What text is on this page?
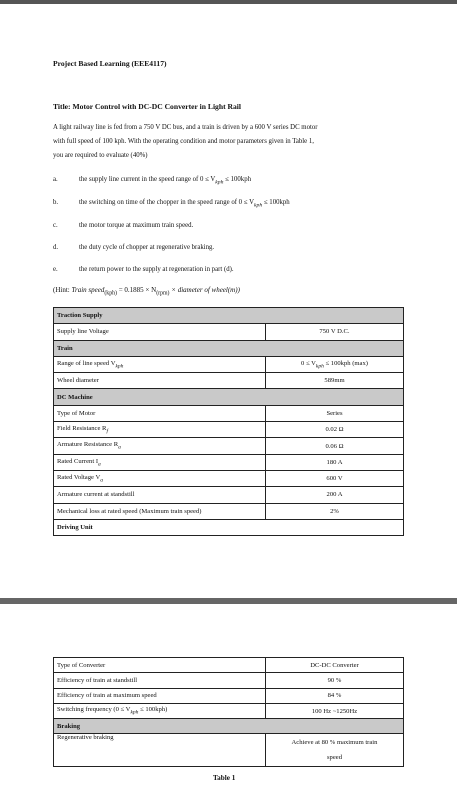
Project Based Learning (EEE4117)
Title: Motor Control with DC-DC Converter in Light Rail
A light railway line is fed from a 750 V DC bus, and a train is driven by a 600 V series DC motor
with full speed of 100 kph. With the operating condition and motor parameters given in Table 1,
you are required to evaluate (40%)
a.	the supply line current in the speed range of $0 \le V_{kph} \le 100kph$
b.	the switching on time of the chopper in the speed range of $0 \le V_{kph} \le 100kph$
c.	the motor torque at maximum train speed.
d.	the duty cycle of chopper at regenerative braking.
e.	the return power to the supply at regeneration in part (d).
(Hint: Train speed$_{(kph)}$ = $0.1885 \times N_{(rpm)}$ × diameter of wheel(m))
Traction Supply	
Supply line Voltage	750 V D.C.
Train	
Range of line speed $V_{kph}$	$0 \le V_{kph} \le 100kph$ (max)
Wheel diameter	589mm
DC Machine	
Type of Motor	Series
Field Resistance $R_f$	0.02 Ω
Armature Resistance $R_a$	0.06 Ω
Rated Current $I_a$	180 A
Rated Voltage $V_a$	600 V
Armature current at standstill	200 A
Mechanical loss at rated speed (Maximum train speed)	2%
Driving Unit	
Type of Converter	DC-DC Converter
Efficiency of train at standstill	90 %
Efficiency of train at maximum speed	84 %
Switching frequency $(0 \le V_{kph} \le 100kph)$	100 Hz ~1250Hz
Braking	
Regenerative braking	Achieve at 80 % maximum train
speed
Table 1
